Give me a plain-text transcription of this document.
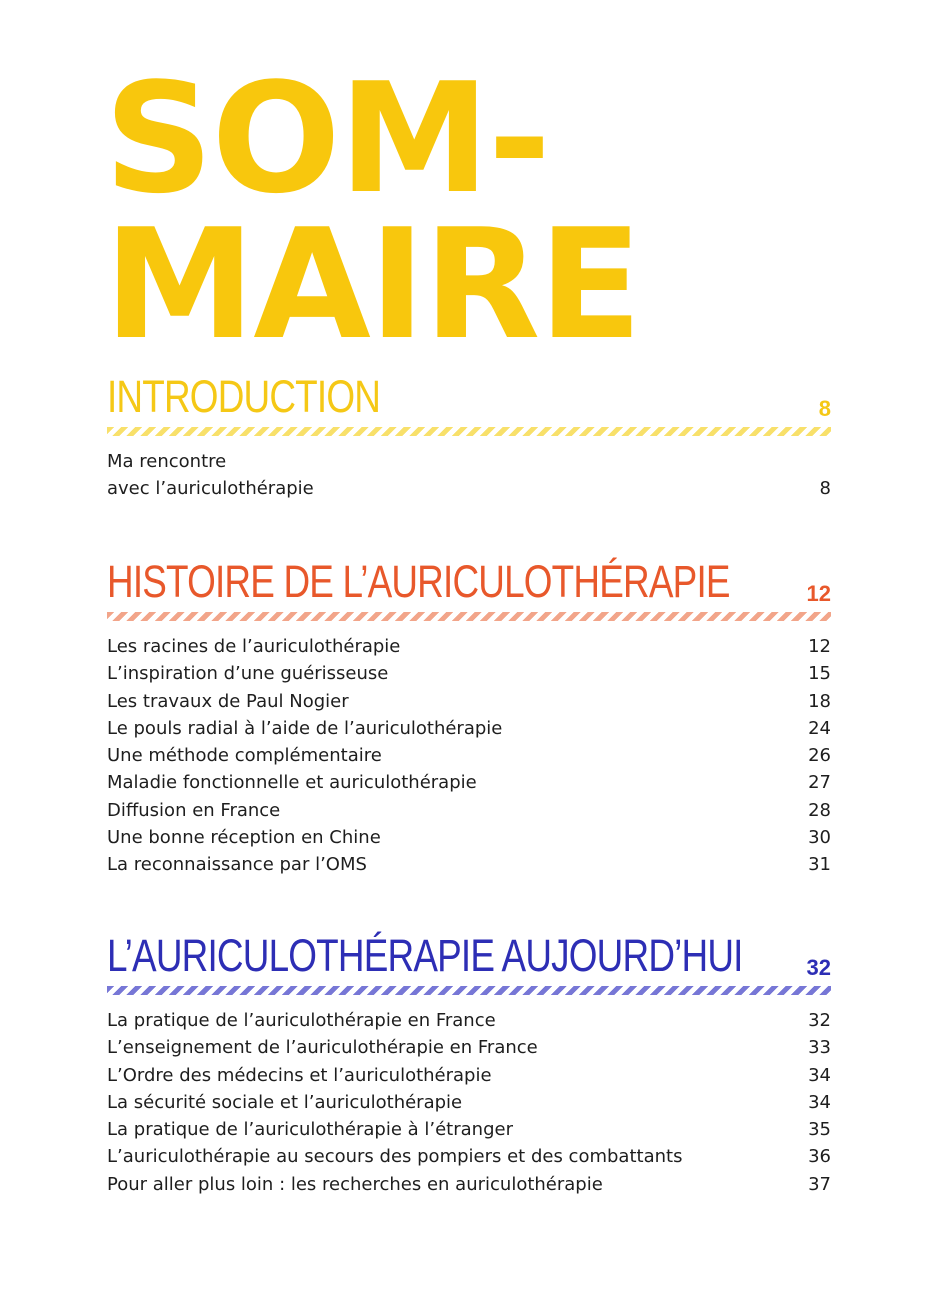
SOM-
MAIRE
INTRODUCTION	8
Ma rencontre
avec l’auriculothérapie	8
HISTOIRE DE L’AURICULOTHÉRAPIE	12
Les racines de l’auriculothérapie	12
L’inspiration d’une guérisseuse	15
Les travaux de Paul Nogier	18
Le pouls radial à l’aide de l’auriculothérapie	24
Une méthode complémentaire	26
Maladie fonctionnelle et auriculothérapie	27
Diffusion en France	28
Une bonne réception en Chine	30
La reconnaissance par l’OMS	31
L’AURICULOTHÉRAPIE AUJOURD’HUI	32
La pratique de l’auriculothérapie en France	32
L’enseignement de l’auriculothérapie en France	33
L’Ordre des médecins et l’auriculothérapie	34
La sécurité sociale et l’auriculothérapie	34
La pratique de l’auriculothérapie à l’étranger	35
L’auriculothérapie au secours des pompiers et des combattants	36
Pour aller plus loin : les recherches en auriculothérapie	37
